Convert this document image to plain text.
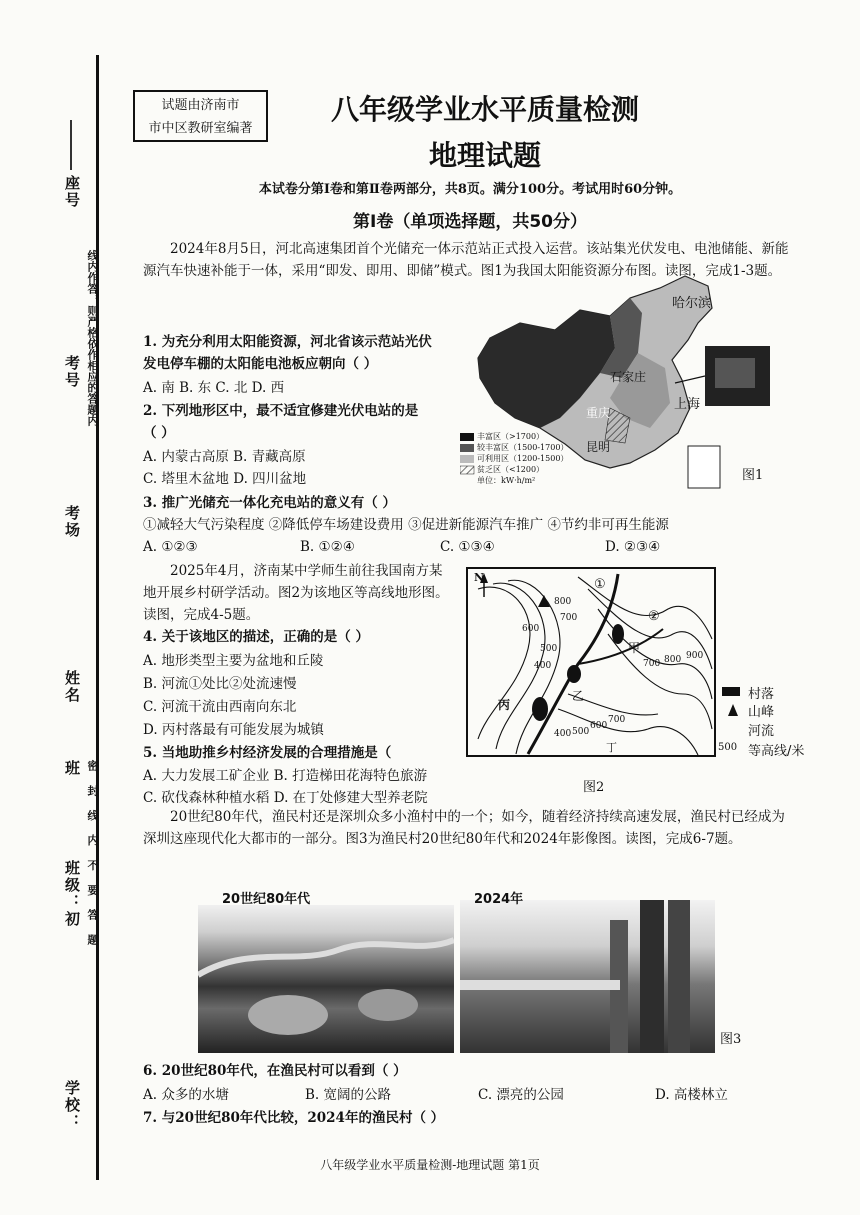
座号
考号 线内作答，则严格依作相应的答题内
考场
姓名
班级：初
班
学校：
密 封 线 内 不 要 答 题
试题由济南市
市中区教研室编著
八年级学业水平质量检测
地理试题
本试卷分第Ⅰ卷和第Ⅱ卷两部分，共8页。满分100分。考试用时60分钟。
第Ⅰ卷（单项选择题，共50分）
2024年8月5日，河北高速集团首个光储充一体示范站正式投入运营。该站集光伏发电、电池储能、新能源汽车快速补能于一体，采用“即发、即用、即储”模式。图1为我国太阳能资源分布图。读图，完成1-3题。
1. 为充分利用太阳能资源，河北省该示范站光伏
发电停车棚的太阳能电池板应朝向（ ）
A. 南 B. 东 C. 北 D. 西
2. 下列地形区中，最不适宜修建光伏电站的是
（ ）
A. 内蒙古高原 B. 青藏高原
C. 塔里木盆地 D. 四川盆地
哈尔滨
石家庄
上海
重庆
昆明
丰富区（>1700）
较丰富区（1500-1700）
可利用区（1200-1500）
贫乏区（<1200）
单位：kW·h/m²	图1
3. 推广光储充一体化充电站的意义有（ ）
①减轻大气污染程度 ②降低停车场建设费用 ③促进新能源汽车推广 ④节约非可再生能源
A. ①②③	B. ①②④	C. ①③④	D. ②③④
2025年4月，济南某中学师生前往我国南方某地开展乡村研学活动。图2为该地区等高线地形图。读图，完成4-5题。
4. 关于该地区的描述，正确的是（ ）
A. 地形类型主要为盆地和丘陵
B. 河流①处比②处流速慢
C. 河流干流由西南向东北
D. 丙村落最有可能发展为城镇
5. 当地助推乡村经济发展的合理措施是（
A. 大力发展工矿企业 B. 打造梯田花海特色旅游
C. 砍伐森林种植水稻 D. 在丁处修建大型养老院
N
800
700
600
500
400	700 800 900
400 500
600
700
甲
乙
丙
丁
①
②
村落
山峰
河流
500 等高线/米
图2
20世纪80年代，渔民村还是深圳众多小渔村中的一个；如今，随着经济持续高速发展，渔民村已经成为深圳这座现代化大都市的一部分。图3为渔民村20世纪80年代和2024年影像图。读图，完成6-7题。
20世纪80年代	2024年
图3
6. 20世纪80年代，在渔民村可以看到（ ）
A. 众多的水塘	B. 宽阔的公路	C. 漂亮的公园	D. 高楼林立
7. 与20世纪80年代比较，2024年的渔民村（ ）
八年级学业水平质量检测-地理试题 第1页
